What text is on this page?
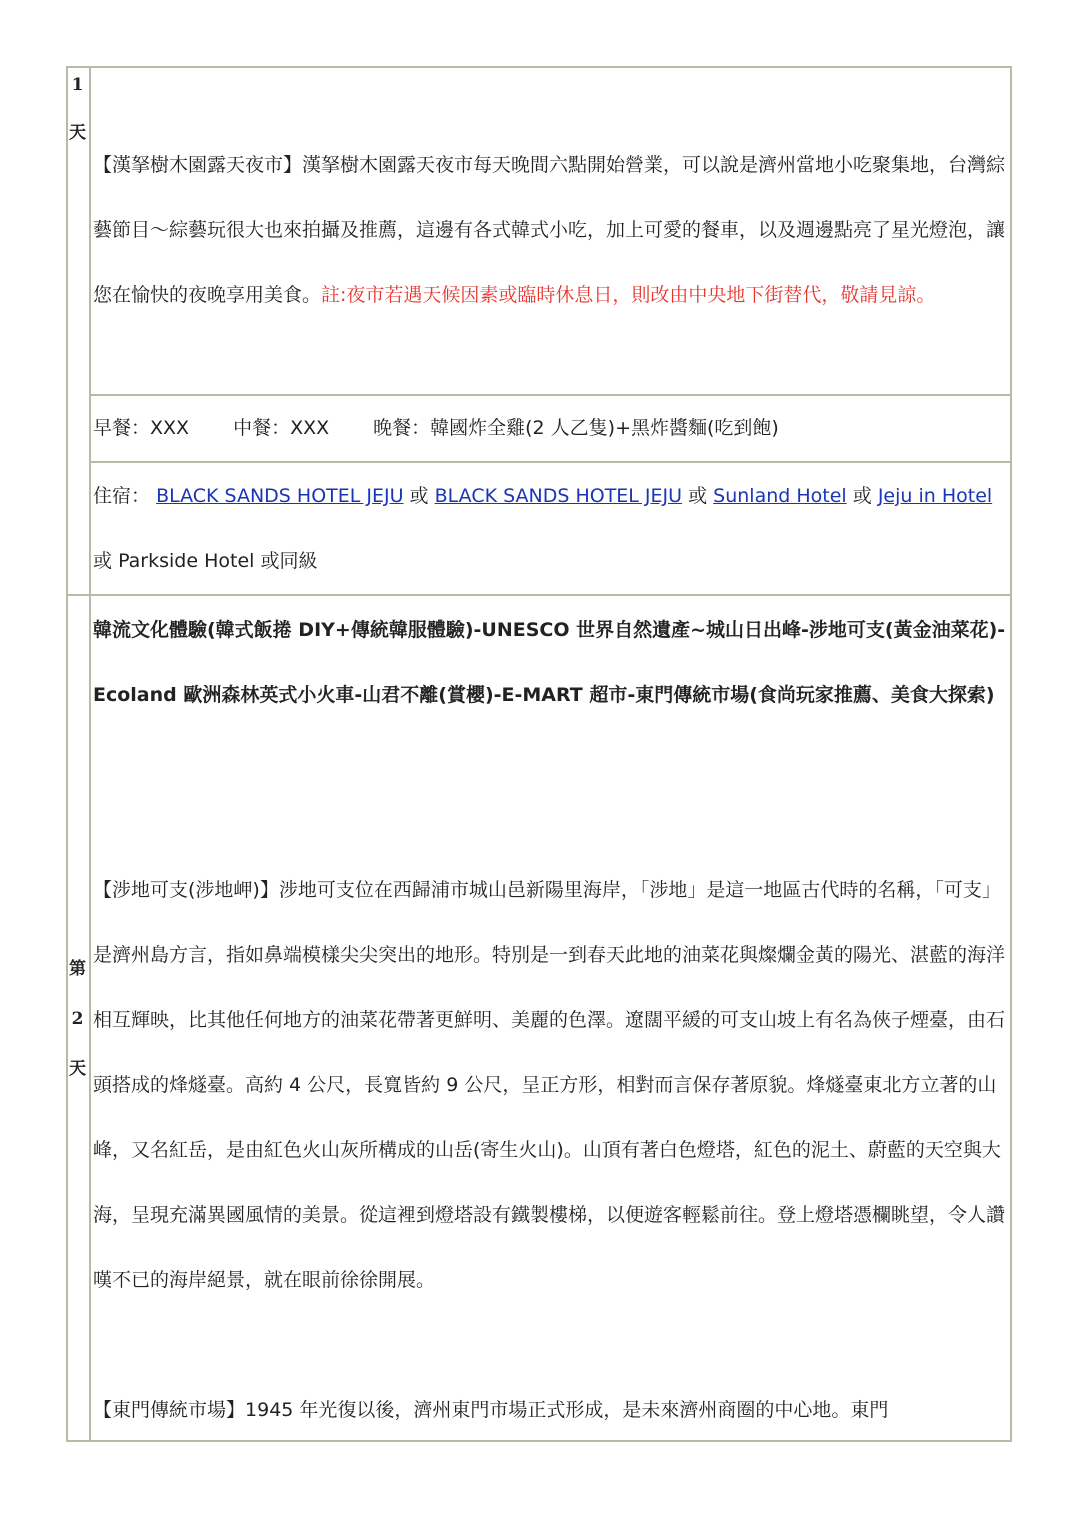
1
天

【漢拏樹木園露天夜市】漢拏樹木園露天夜市每天晚間六點開始營業，可以說是濟州當地小吃聚集地，台灣綜藝節目～綜藝玩很大也來拍攝及推薦，這邊有各式韓式小吃，加上可愛的餐車，以及週邊點亮了星光燈泡，讓您在愉快的夜晚享用美食。註:夜市若遇天候因素或臨時休息日，則改由中央地下街替代，敬請見諒。

早餐：XXX 中餐：XXX 晚餐：韓國炸全雞(2 人乙隻)+黑炸醬麵(吃到飽)

住宿： BLACK SANDS HOTEL JEJU 或 BLACK SANDS HOTEL JEJU 或 Sunland Hotel 或 Jeju in Hotel 或 Parkside Hotel 或同級

第
2
天

韓流文化體驗(韓式飯捲 DIY+傳統韓服體驗)-UNESCO 世界自然遺產~城山日出峰-涉地可支(黃金油菜花)-Ecoland 歐洲森林英式小火車-山君不離(賞櫻)-E-MART 超市-東門傳統市場(食尚玩家推薦、美食大探索)

【涉地可支(涉地岬)】涉地可支位在西歸浦市城山邑新陽里海岸，「涉地」是這一地區古代時的名稱，「可支」是濟州島方言，指如鼻端模樣尖尖突出的地形。特別是一到春天此地的油菜花與燦爛金黃的陽光、湛藍的海洋相互輝映，比其他任何地方的油菜花帶著更鮮明、美麗的色澤。遼闊平緩的可支山坡上有名為俠子煙臺，由石頭搭成的烽燧臺。高約 4 公尺，長寬皆約 9 公尺，呈正方形，相對而言保存著原貌。烽燧臺東北方立著的山峰，又名紅岳，是由紅色火山灰所構成的山岳(寄生火山)。山頂有著白色燈塔，紅色的泥土、蔚藍的天空與大海，呈現充滿異國風情的美景。從這裡到燈塔設有鐵製樓梯，以便遊客輕鬆前往。登上燈塔憑欄眺望，令人讚嘆不已的海岸絕景，就在眼前徐徐開展。

【東門傳統市場】1945 年光復以後，濟州東門市場正式形成，是未來濟州商圈的中心地。東門
